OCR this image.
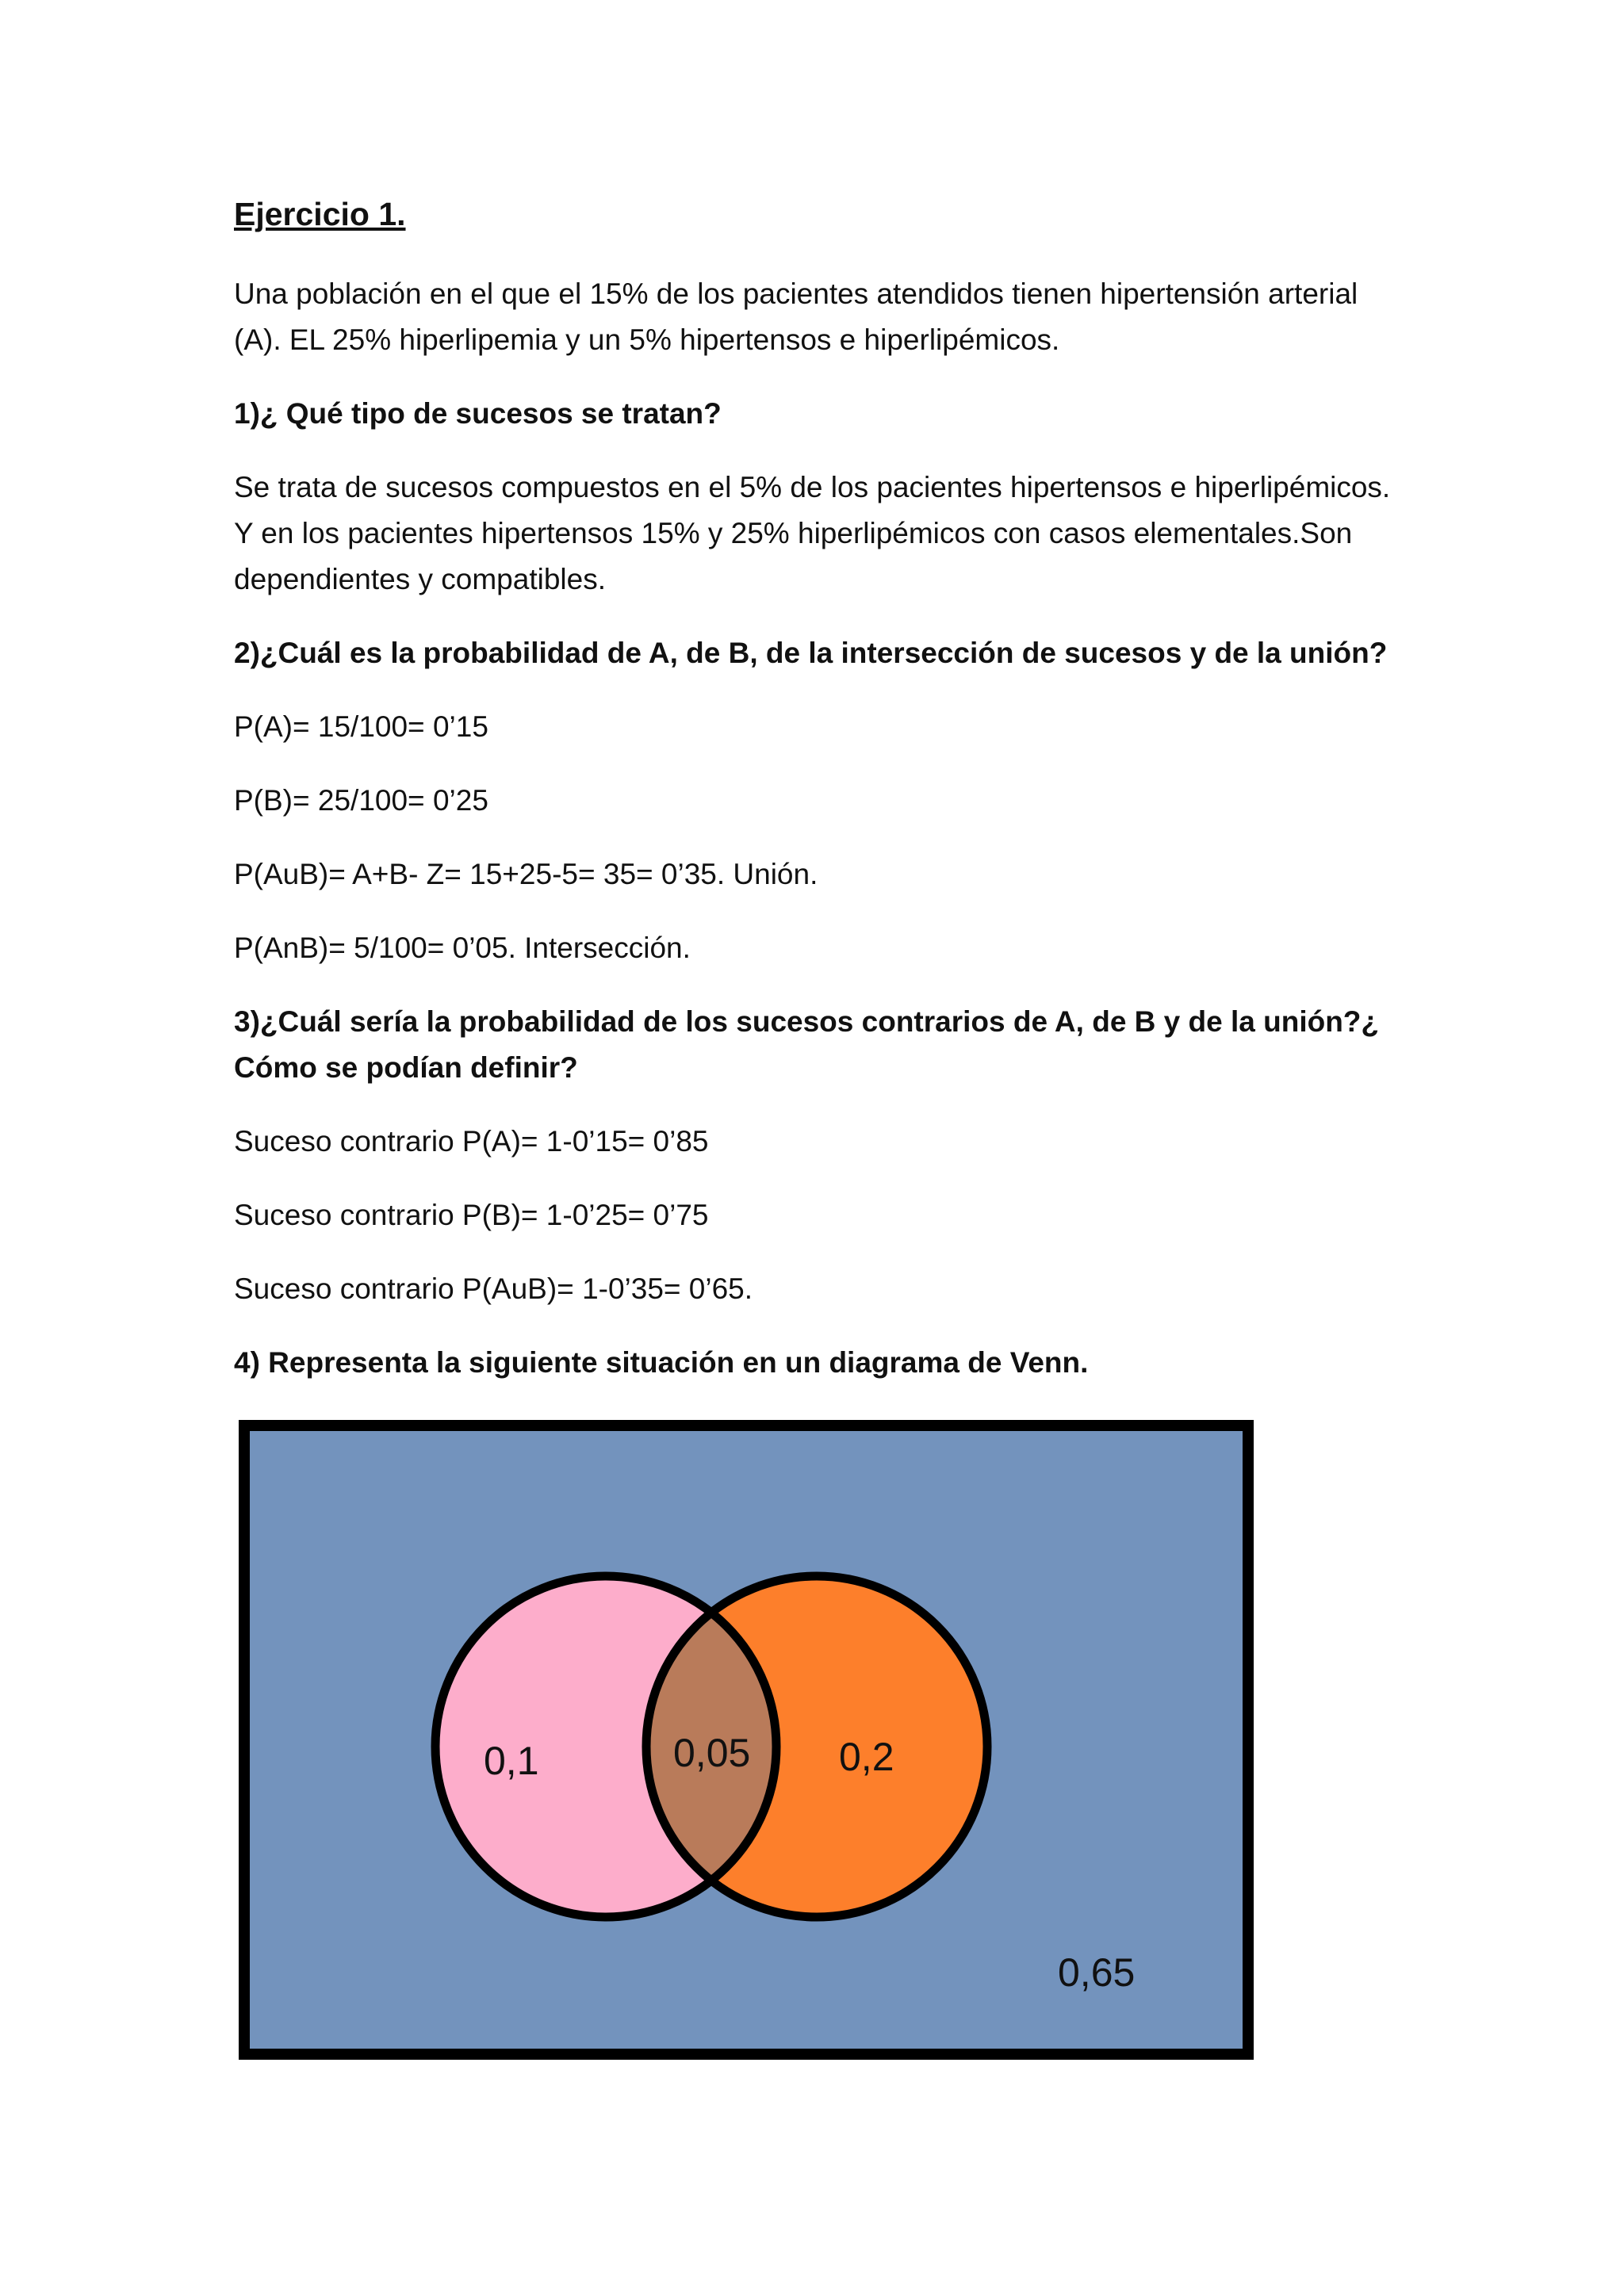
Ejercicio 1.

Una población en el que el 15% de los pacientes atendidos tienen hipertensión arterial (A). EL 25% hiperlipemia y un 5% hipertensos e hiperlipémicos.

1)¿ Qué tipo de sucesos se tratan?

Se trata de sucesos compuestos en el 5% de los pacientes hipertensos e hiperlipémicos. Y en los pacientes hipertensos 15% y 25% hiperlipémicos con casos elementales.Son dependientes y compatibles.

2)¿Cuál es la probabilidad de A, de B, de la intersección de sucesos y de la unión?

P(A)= 15/100= 0’15

P(B)= 25/100= 0’25

P(AuB)= A+B- Z= 15+25-5= 35= 0’35. Unión.

P(AnB)= 5/100= 0’05. Intersección.

3)¿Cuál sería la probabilidad de los sucesos contrarios de A, de B y de la unión?¿ Cómo se podían definir?

Suceso contrario P(A)= 1-0’15= 0’85

Suceso contrario P(B)= 1-0’25= 0’75

Suceso contrario P(AuB)= 1-0’35= 0’65.

4) Representa la siguiente situación en un diagrama de Venn.

0,1	0,05 0,2
0,65
